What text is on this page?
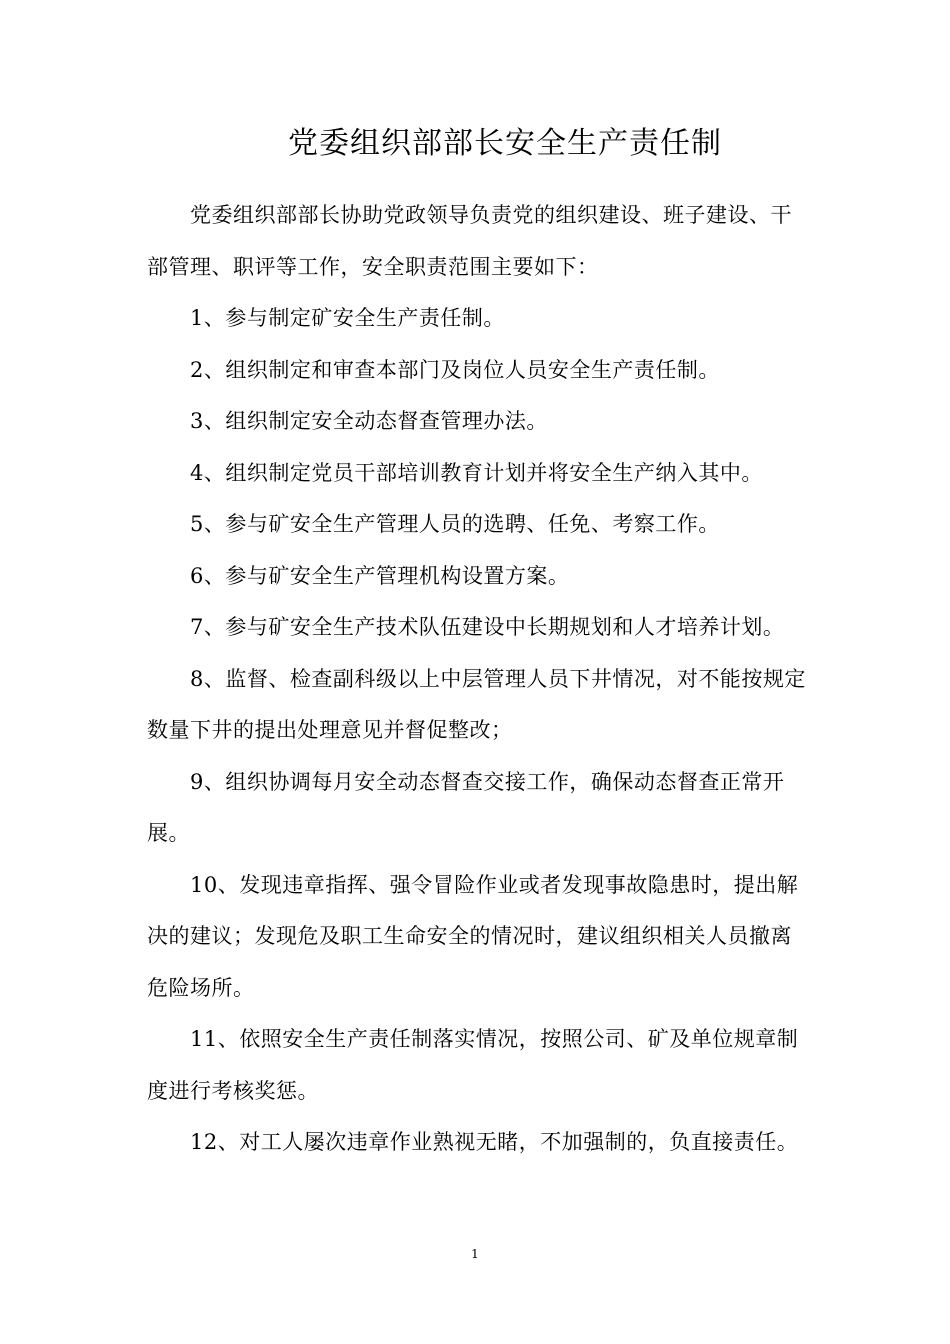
党委组织部部长安全生产责任制

党委组织部部长协助党政领导负责党的组织建设、班子建设、干部管理、职评等工作，安全职责范围主要如下：

1、参与制定矿安全生产责任制。

2、组织制定和审查本部门及岗位人员安全生产责任制。

3、组织制定安全动态督查管理办法。

4、组织制定党员干部培训教育计划并将安全生产纳入其中。

5、参与矿安全生产管理人员的选聘、任免、考察工作。

6、参与矿安全生产管理机构设置方案。

7、参与矿安全生产技术队伍建设中长期规划和人才培养计划。

8、监督、检查副科级以上中层管理人员下井情况，对不能按规定数量下井的提出处理意见并督促整改；

9、组织协调每月安全动态督查交接工作，确保动态督查正常开展。

10、发现违章指挥、强令冒险作业或者发现事故隐患时，提出解决的建议；发现危及职工生命安全的情况时，建议组织相关人员撤离危险场所。

11、依照安全生产责任制落实情况，按照公司、矿及单位规章制度进行考核奖惩。

12、对工人屡次违章作业熟视无睹，不加强制的，负直接责任。

1
